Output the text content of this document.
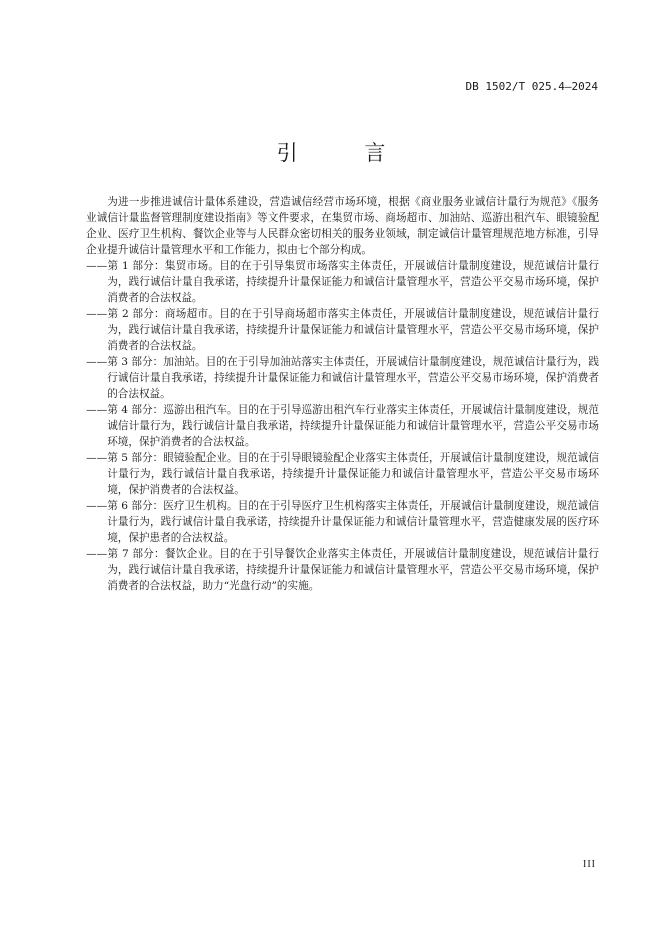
DB 1502/T 025.4—2024
引 言

为进一步推进诚信计量体系建设，营造诚信经营市场环境，根据《商业服务业诚信计量行为规范》《服务业诚信计量监督管理制度建设指南》等文件要求，在集贸市场、商场超市、加油站、巡游出租汽车、眼镜验配企业、医疗卫生机构、餐饮企业等与人民群众密切相关的服务业领域，制定诚信计量管理规范地方标准，引导企业提升诚信计量管理水平和工作能力，拟由七个部分构成。

——第 1 部分：集贸市场。目的在于引导集贸市场落实主体责任，开展诚信计量制度建设，规范诚信计量行为，践行诚信计量自我承诺，持续提升计量保证能力和诚信计量管理水平，营造公平交易市场环境，保护消费者的合法权益。

——第 2 部分：商场超市。目的在于引导商场超市落实主体责任，开展诚信计量制度建设，规范诚信计量行为，践行诚信计量自我承诺，持续提升计量保证能力和诚信计量管理水平，营造公平交易市场环境，保护消费者的合法权益。

——第 3 部分：加油站。目的在于引导加油站落实主体责任，开展诚信计量制度建设，规范诚信计量行为，践行诚信计量自我承诺，持续提升计量保证能力和诚信计量管理水平，营造公平交易市场环境，保护消费者的合法权益。

——第 4 部分：巡游出租汽车。目的在于引导巡游出租汽车行业落实主体责任，开展诚信计量制度建设，规范诚信计量行为，践行诚信计量自我承诺，持续提升计量保证能力和诚信计量管理水平，营造公平交易市场环境，保护消费者的合法权益。

——第 5 部分：眼镜验配企业。目的在于引导眼镜验配企业落实主体责任，开展诚信计量制度建设，规范诚信计量行为，践行诚信计量自我承诺，持续提升计量保证能力和诚信计量管理水平，营造公平交易市场环境，保护消费者的合法权益。

——第 6 部分：医疗卫生机构。目的在于引导医疗卫生机构落实主体责任，开展诚信计量制度建设，规范诚信计量行为，践行诚信计量自我承诺，持续提升计量保证能力和诚信计量管理水平，营造健康发展的医疗环境，保护患者的合法权益。

——第 7 部分：餐饮企业。目的在于引导餐饮企业落实主体责任，开展诚信计量制度建设，规范诚信计量行为，践行诚信计量自我承诺，持续提升计量保证能力和诚信计量管理水平，营造公平交易市场环境，保护消费者的合法权益，助力“光盘行动”的实施。

III
